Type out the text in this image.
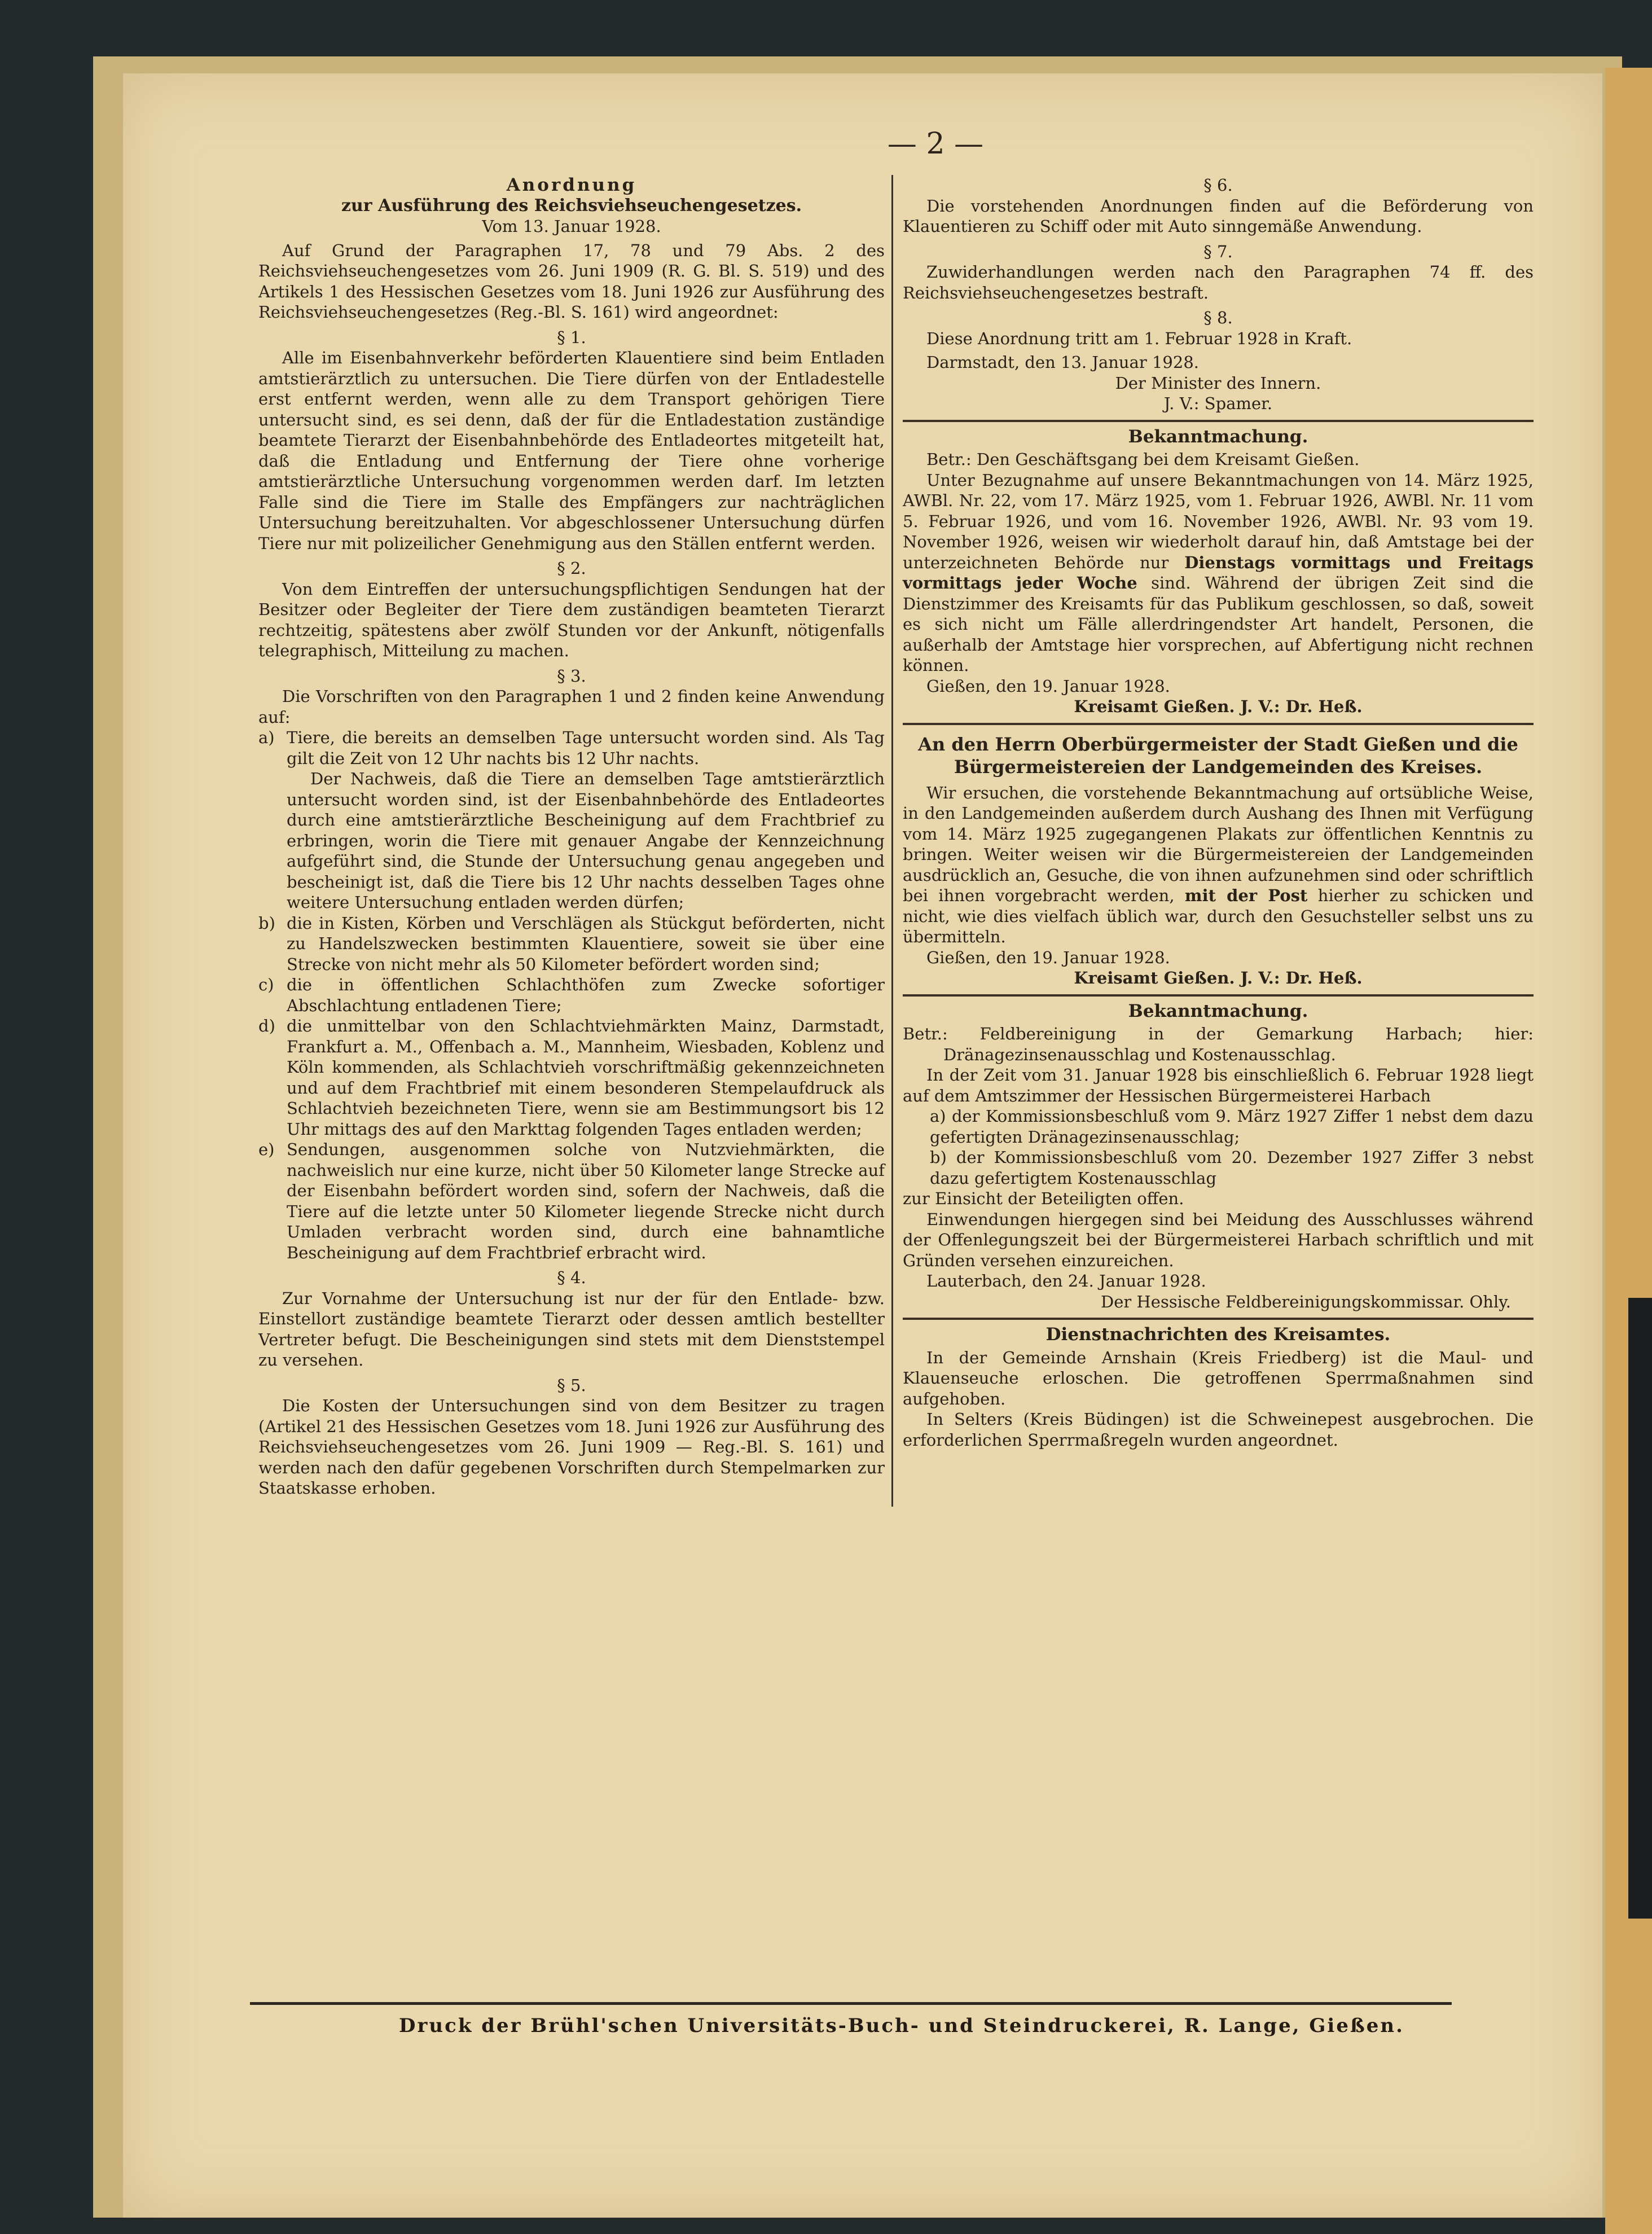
— 2 —

Anordnung

zur Ausführung des Reichsviehseuchengesetzes.

Vom 13. Januar 1928.

Auf Grund der Paragraphen 17, 78 und 79 Abs. 2 des Reichsviehseuchengesetzes vom 26. Juni 1909 (R. G. Bl. S. 519) und des Artikels 1 des Hessischen Gesetzes vom 18. Juni 1926 zur Ausführung des Reichsviehseuchengesetzes (Reg.-Bl. S. 161) wird angeordnet:

§ 1.

Alle im Eisenbahnverkehr beförderten Klauentiere sind beim Entladen amtstierärztlich zu untersuchen. Die Tiere dürfen von der Entladestelle erst entfernt werden, wenn alle zu dem Transport gehörigen Tiere untersucht sind, es sei denn, daß der für die Entladestation zuständige beamtete Tierarzt der Eisenbahnbehörde des Entladeortes mitgeteilt hat, daß die Entladung und Entfernung der Tiere ohne vorherige amtstierärztliche Untersuchung vorgenommen werden darf. Im letzten Falle sind die Tiere im Stalle des Empfängers zur nachträglichen Untersuchung bereitzuhalten. Vor abgeschlossener Untersuchung dürfen Tiere nur mit polizeilicher Genehmigung aus den Ställen entfernt werden.

§ 2.

Von dem Eintreffen der untersuchungspflichtigen Sendungen hat der Besitzer oder Begleiter der Tiere dem zuständigen beamteten Tierarzt rechtzeitig, spätestens aber zwölf Stunden vor der Ankunft, nötigenfalls telegraphisch, Mitteilung zu machen.

§ 3.

Die Vorschriften von den Paragraphen 1 und 2 finden keine Anwendung auf:

a) Tiere, die bereits an demselben Tage untersucht worden sind. Als Tag gilt die Zeit von 12 Uhr nachts bis 12 Uhr nachts.

Der Nachweis, daß die Tiere an demselben Tage amtstierärztlich untersucht worden sind, ist der Eisenbahnbehörde des Entladeortes durch eine amtstierärztliche Bescheinigung auf dem Frachtbrief zu erbringen, worin die Tiere mit genauer Angabe der Kennzeichnung aufgeführt sind, die Stunde der Untersuchung genau angegeben und bescheinigt ist, daß die Tiere bis 12 Uhr nachts desselben Tages ohne weitere Untersuchung entladen werden dürfen;

b) die in Kisten, Körben und Verschlägen als Stückgut beförderten, nicht zu Handelszwecken bestimmten Klauentiere, soweit sie über eine Strecke von nicht mehr als 50 Kilometer befördert worden sind;
c) die in öffentlichen Schlachthöfen zum Zwecke sofortiger Abschlachtung entladenen Tiere;
d) die unmittelbar von den Schlachtviehmärkten Mainz, Darmstadt, Frankfurt a. M., Offenbach a. M., Mannheim, Wiesbaden, Koblenz und Köln kommenden, als Schlachtvieh vorschriftmäßig gekennzeichneten und auf dem Frachtbrief mit einem besonderen Stempelaufdruck als Schlachtvieh bezeichneten Tiere, wenn sie am Bestimmungsort bis 12 Uhr mittags des auf den Markttag folgenden Tages entladen werden;
e) Sendungen, ausgenommen solche von Nutzviehmärkten, die nachweislich nur eine kurze, nicht über 50 Kilometer lange Strecke auf der Eisenbahn befördert worden sind, sofern der Nachweis, daß die Tiere auf die letzte unter 50 Kilometer liegende Strecke nicht durch Umladen verbracht worden sind, durch eine bahnamtliche Bescheinigung auf dem Frachtbrief erbracht wird.

§ 4.

Zur Vornahme der Untersuchung ist nur der für den Entlade- bzw. Einstellort zuständige beamtete Tierarzt oder dessen amtlich bestellter Vertreter befugt. Die Bescheinigungen sind stets mit dem Dienststempel zu versehen.

§ 5.

Die Kosten der Untersuchungen sind von dem Besitzer zu tragen (Artikel 21 des Hessischen Gesetzes vom 18. Juni 1926 zur Ausführung des Reichsviehseuchengesetzes vom 26. Juni 1909 — Reg.-Bl. S. 161) und werden nach den dafür gegebenen Vorschriften durch Stempelmarken zur Staatskasse erhoben.

§ 6.

Die vorstehenden Anordnungen finden auf die Beförderung von Klauentieren zu Schiff oder mit Auto sinngemäße Anwendung.

§ 7.

Zuwiderhandlungen werden nach den Paragraphen 74 ff. des Reichsviehseuchengesetzes bestraft.

§ 8.

Diese Anordnung tritt am 1. Februar 1928 in Kraft.

Darmstadt, den 13. Januar 1928.

Der Minister des Innern.

J. V.: Spamer.

Bekanntmachung.

Betr.: Den Geschäftsgang bei dem Kreisamt Gießen.

Unter Bezugnahme auf unsere Bekanntmachungen von 14. März 1925, AWBl. Nr. 22, vom 17. März 1925, vom 1. Februar 1926, AWBl. Nr. 11 vom 5. Februar 1926, und vom 16. November 1926, AWBl. Nr. 93 vom 19. November 1926, weisen wir wiederholt darauf hin, daß Amtstage bei der unterzeichneten Behörde nur Dienstags vormittags und Freitags vormittags jeder Woche sind. Während der übrigen Zeit sind die Dienstzimmer des Kreisamts für das Publikum geschlossen, so daß, soweit es sich nicht um Fälle allerdringendster Art handelt, Personen, die außerhalb der Amtstage hier vorsprechen, auf Abfertigung nicht rechnen können.

Gießen, den 19. Januar 1928.

Kreisamt Gießen. J. V.: Dr. Heß.

An den Herrn Oberbürgermeister der Stadt Gießen und die Bürgermeistereien der Landgemeinden des Kreises.

Wir ersuchen, die vorstehende Bekanntmachung auf ortsübliche Weise, in den Landgemeinden außerdem durch Aushang des Ihnen mit Verfügung vom 14. März 1925 zugegangenen Plakats zur öffentlichen Kenntnis zu bringen. Weiter weisen wir die Bürgermeistereien der Landgemeinden ausdrücklich an, Gesuche, die von ihnen aufzunehmen sind oder schriftlich bei ihnen vorgebracht werden, mit der Post hierher zu schicken und nicht, wie dies vielfach üblich war, durch den Gesuchsteller selbst uns zu übermitteln.

Gießen, den 19. Januar 1928.

Kreisamt Gießen. J. V.: Dr. Heß.

Bekanntmachung.

Betr.: Feldbereinigung in der Gemarkung Harbach; hier: Dränagezinsenausschlag und Kostenausschlag.

In der Zeit vom 31. Januar 1928 bis einschließlich 6. Februar 1928 liegt auf dem Amtszimmer der Hessischen Bürgermeisterei Harbach

a) der Kommissionsbeschluß vom 9. März 1927 Ziffer 1 nebst dem dazu gefertigten Dränagezinsenausschlag;

b) der Kommissionsbeschluß vom 20. Dezember 1927 Ziffer 3 nebst dazu gefertigtem Kostenausschlag

zur Einsicht der Beteiligten offen.

Einwendungen hiergegen sind bei Meidung des Ausschlusses während der Offenlegungszeit bei der Bürgermeisterei Harbach schriftlich und mit Gründen versehen einzureichen.

Lauterbach, den 24. Januar 1928.

Der Hessische Feldbereinigungskommissar. Ohly.

Dienstnachrichten des Kreisamtes.

In der Gemeinde Arnshain (Kreis Friedberg) ist die Maul- und Klauenseuche erloschen. Die getroffenen Sperrmaßnahmen sind aufgehoben.

In Selters (Kreis Büdingen) ist die Schweinepest ausgebrochen. Die erforderlichen Sperrmaßregeln wurden angeordnet.

Druck der Brühl'schen Universitäts-Buch- und Steindruckerei, R. Lange, Gießen.
